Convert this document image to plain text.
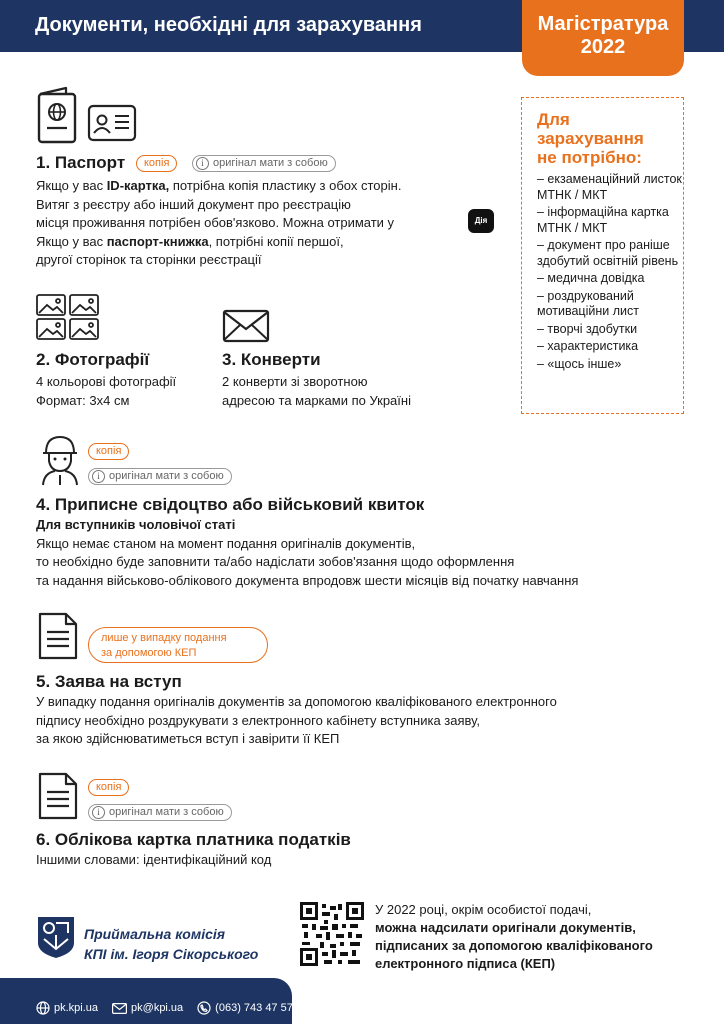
Документи, необхідні для зарахування	Магістратура
2022
Для зарахування не потрібно:
– екзаменаційний листок МТНК / МКТ
– інформаційна картка МТНК / МКТ
– документ про раніше здобутий освітній рівень
– медична довідка
– роздрукований мотиваційни лист
– творчі здобутки
– характеристика
– «щось інше»
1. Паспорт	копія	i оригінал мати з собою
Якщо у вас ID-картка, потрібна копія пластику з обох сторін.
Витяг з реєстру або інший документ про реєстрацію
місця проживання потрібен обов'язково. Можна отримати у
Якщо у вас паспорт-книжка, потрібні копії першої,
другої сторінок та сторінки реєстрації
Дія
2. Фотографії
4 кольорові фотографії
Формат: 3х4 см
3. Конверти
2 конверти зі зворотною
адресою та марками по Україні
копія
i оригінал мати з собою
4. Приписне свідоцтво або військовий квиток
Для вступників чоловічої статі
Якщо немає станом на момент подання оригіналів документів,
то необхідно буде заповнити та/або надіслати зобов'язання щодо оформлення
та надання військово-облікового документа впродовж шести місяців від початку навчання
лише у випадку подання
за допомогою КЕП
5. Заява на вступ
У випадку подання оригіналів документів за допомогою кваліфікованого електронного
підпису необхідно роздрукувати з електронного кабінету вступника заяву,
за якою здійснюватиметься вступ і завірити її КЕП
копія
i оригінал мати з собою
6. Облікова картка платника податків
Іншими словами: ідентифікаційний код
Приймальна комісія
КПІ ім. Ігоря Сікорського
У 2022 році, окрім особистої подачі,
можна надсилати оригінали документів,
підписаних за допомогою кваліфікованого
електронного підписа (КЕП)
pk.kpi.ua	pk@kpi.ua	(063) 743 47 57
